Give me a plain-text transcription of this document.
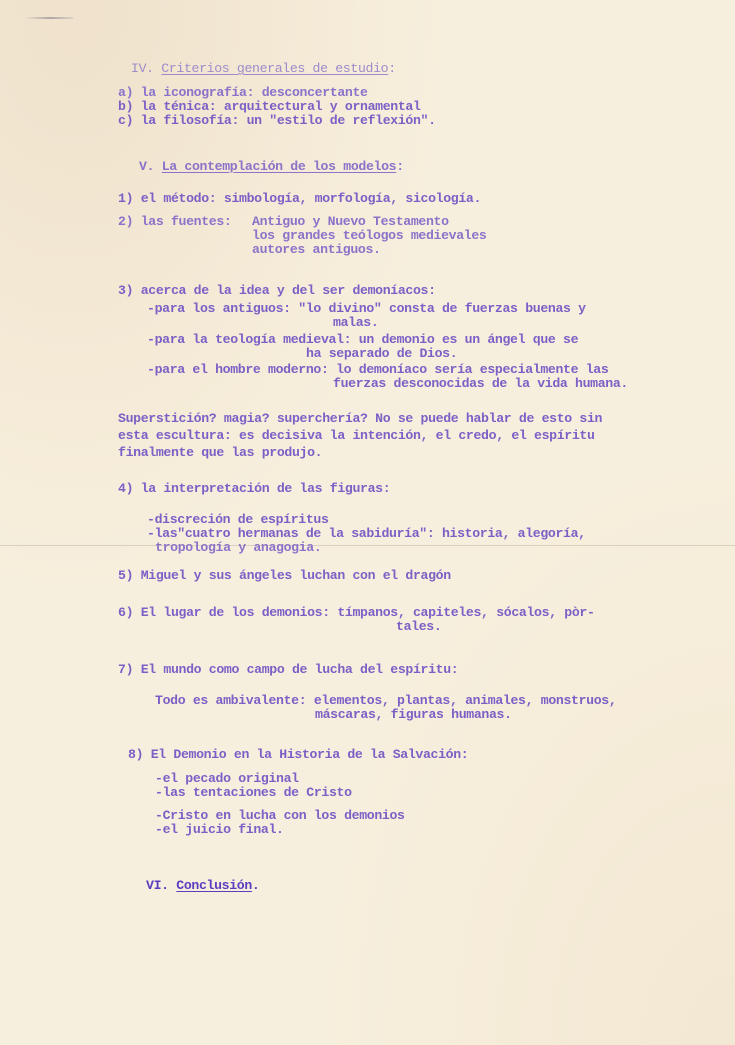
IV. Criterios generales de estudio:
a) la iconografía: desconcertante
b) la ténica: arquitectural y ornamental
c) la filosofía: un "estilo de reflexión".
V. La contemplación de los modelos:
1) el método: simbología, morfología, sicología.
2) las fuentes: Antiguo y Nuevo Testamento
los grandes teólogos medievales
autores antiguos.
3) acerca de la idea y del ser demoníacos:
-para los antiguos: "lo divino" consta de fuerzas buenas y
malas.
-para la teología medieval: un demonio es un ángel que se
ha separado de Dios.
-para el hombre moderno: lo demoníaco sería especialmente las
fuerzas desconocidas de la vida humana.
Superstición? magia? superchería? No se puede hablar de esto sin
esta escultura: es decisiva la intención, el credo, el espíritu
finalmente que las produjo.
4) la interpretación de las figuras:
-discreción de espíritus
-las"cuatro hermanas de la sabiduría": historia, alegoría,
tropología y anagogia.
5) Miguel y sus ángeles luchan con el dragón
6) El lugar de los demonios: tímpanos, capiteles, sócalos, pòr-
tales.
7) El mundo como campo de lucha del espíritu:
Todo es ambivalente: elementos, plantas, animales, monstruos,
máscaras, figuras humanas.
8) El Demonio en la Historia de la Salvación:
-el pecado original
-las tentaciones de Cristo
-Cristo en lucha con los demonios
-el juicio final.
VI. Conclusión.
